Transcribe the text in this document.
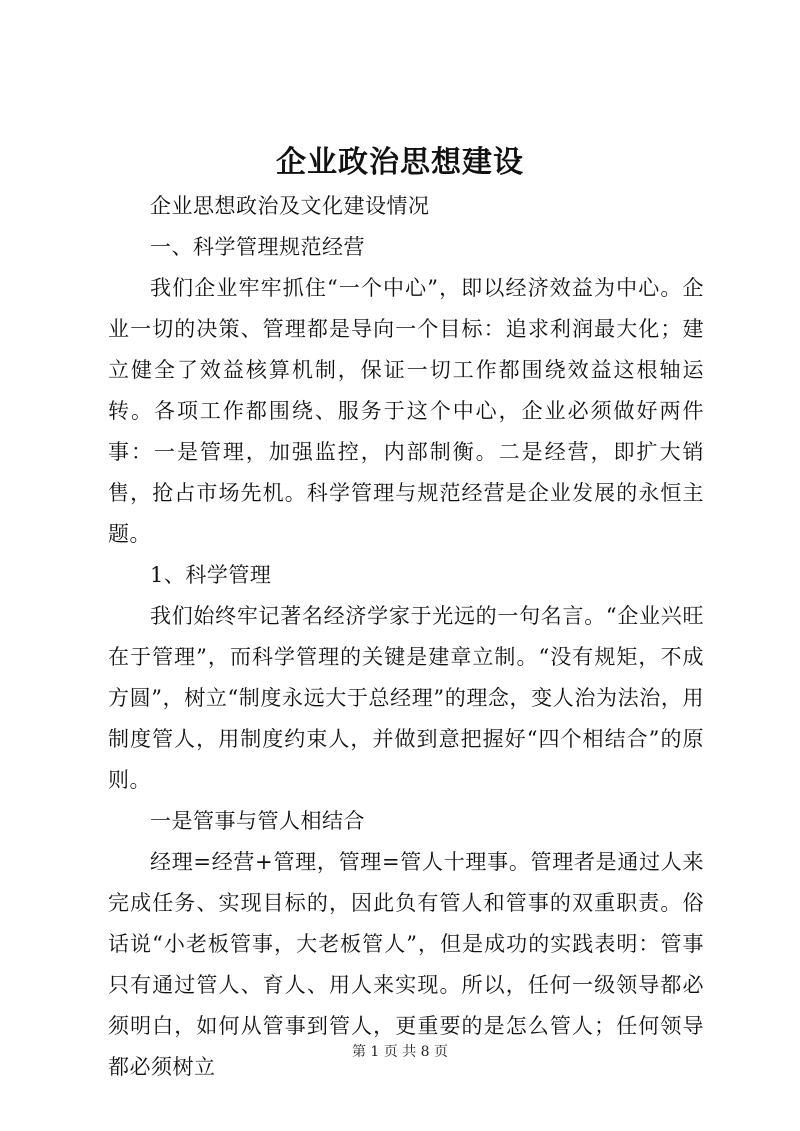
企业政治思想建设

企业思想政治及文化建设情况

一、科学管理规范经营

我们企业牢牢抓住“一个中心”，即以经济效益为中心。企业一切的决策、管理都是导向一个目标：追求利润最大化；建立健全了效益核算机制，保证一切工作都围绕效益这根轴运转。各项工作都围绕、服务于这个中心，企业必须做好两件事：一是管理，加强监控，内部制衡。二是经营，即扩大销售，抢占市场先机。科学管理与规范经营是企业发展的永恒主题。

1、科学管理

我们始终牢记著名经济学家于光远的一句名言。“企业兴旺在于管理”，而科学管理的关键是建章立制。“没有规矩，不成方圆”，树立“制度永远大于总经理”的理念，变人治为法治，用制度管人，用制度约束人，并做到意把握好“四个相结合”的原则。

一是管事与管人相结合

经理=经营+管理，管理=管人十理事。管理者是通过人来完成任务、实现目标的，因此负有管人和管事的双重职责。俗话说“小老板管事，大老板管人”，但是成功的实践表明：管事只有通过管人、育人、用人来实现。所以，任何一级领导都必须明白，如何从管事到管人，更重要的是怎么管人；任何领导都必须树立

第 1 页 共 8 页
